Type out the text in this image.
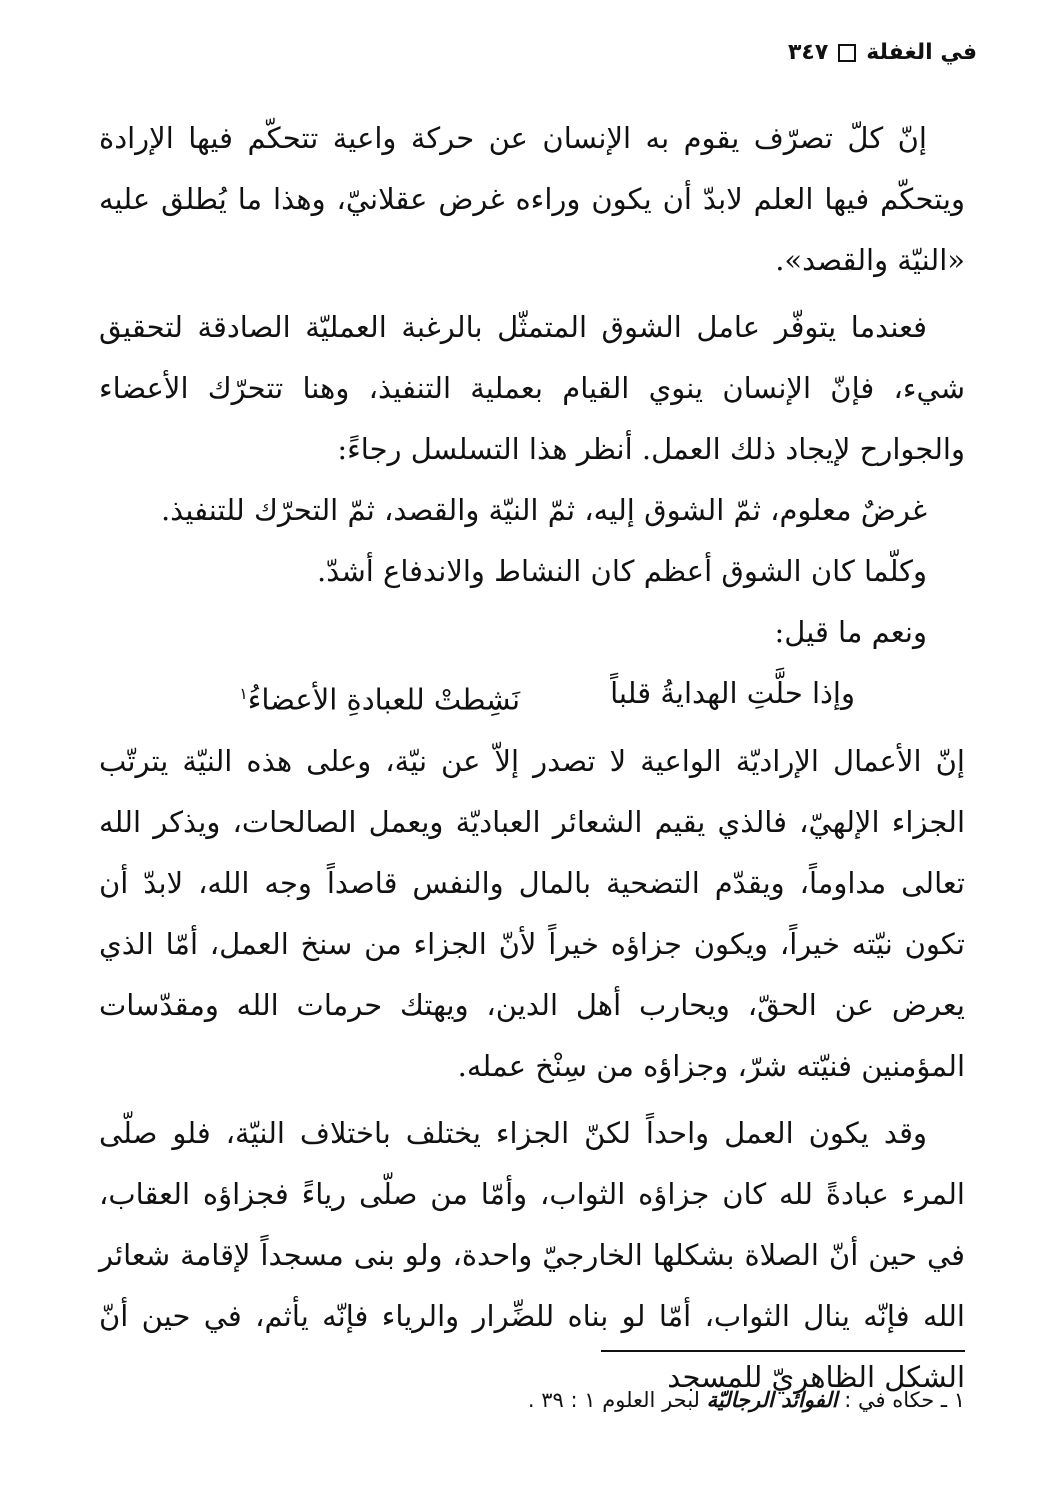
في الغفلة
٣٤٧

إنّ كلّ تصرّف يقوم به الإنسان عن حركة واعية تتحكّم فيها الإرادة ويتحكّم فيها العلم لابدّ أن يكون وراءه غرض عقلانيّ، وهذا ما يُطلق عليه «النيّة والقصد».

فعندما يتوفّر عامل الشوق المتمثّل بالرغبة العمليّة الصادقة لتحقيق شيء، فإنّ الإنسان ينوي القيام بعملية التنفيذ، وهنا تتحرّك الأعضاء والجوارح لإيجاد ذلك العمل. أنظر هذا التسلسل رجاءً:

غرضٌ معلوم، ثمّ الشوق إليه، ثمّ النيّة والقصد، ثمّ التحرّك للتنفيذ.

وكلّما كان الشوق أعظم كان النشاط والاندفاع أشدّ.

ونعم ما قيل:

وإذا حلَّتِ الهدايةُ قلباً
نَشِطتْ للعبادةِ الأعضاءُ$^١$

إنّ الأعمال الإراديّة الواعية لا تصدر إلاّ عن نيّة، وعلى هذه النيّة يترتّب الجزاء الإلهيّ، فالذي يقيم الشعائر العباديّة ويعمل الصالحات، ويذكر الله تعالى مداوماً، ويقدّم التضحية بالمال والنفس قاصداً وجه الله، لابدّ أن تكون نيّته خيراً، ويكون جزاؤه خيراً لأنّ الجزاء من سنخ العمل، أمّا الذي يعرض عن الحقّ، ويحارب أهل الدين، ويهتك حرمات الله ومقدّسات المؤمنين فنيّته شرّ، وجزاؤه من سِنْخ عمله.

وقد يكون العمل واحداً لكنّ الجزاء يختلف باختلاف النيّة، فلو صلّى المرء عبادةً لله كان جزاؤه الثواب، وأمّا من صلّى رياءً فجزاؤه العقاب، في حين أنّ الصلاة بشكلها الخارجيّ واحدة، ولو بنى مسجداً لإقامة شعائر الله فإنّه ينال الثواب، أمّا لو بناه للضِّرار والرياء فإنّه يأثم، في حين أنّ الشكل الظاهريّ للمسجد

١ ـ حكاه في : الفوائد الرجاليّة لبحر العلوم ١ : ٣٩ .
